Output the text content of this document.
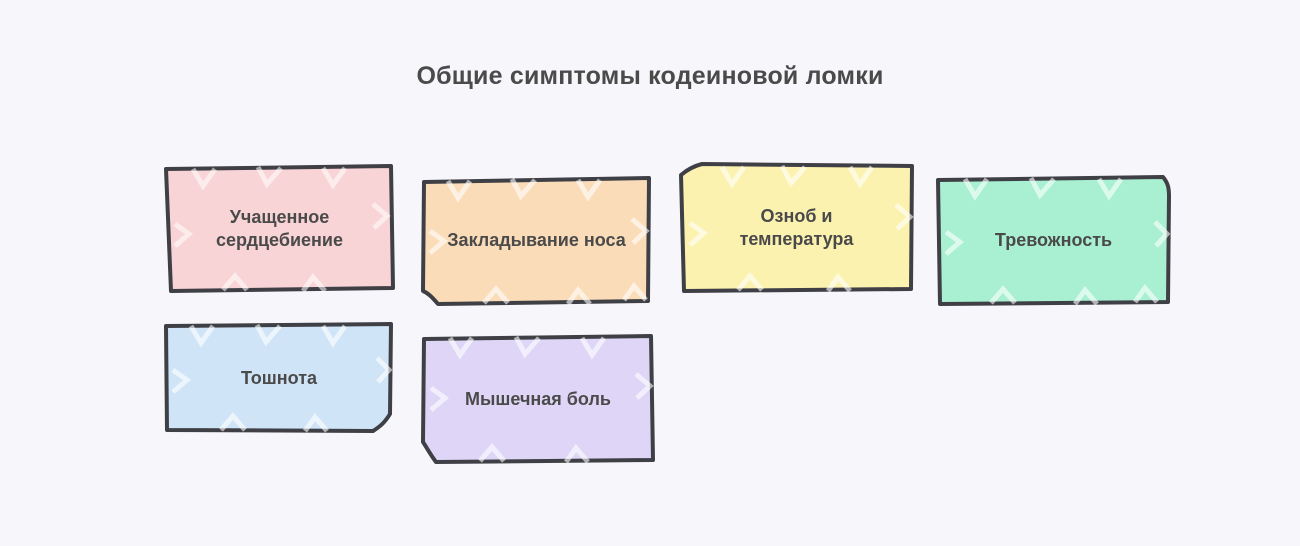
Общие симптомы кодеиновой ломки
Учащенное сердцебиение	Закладывание носа
Озноб и температура	Тревожность
Тошнота
Мышечная боль
